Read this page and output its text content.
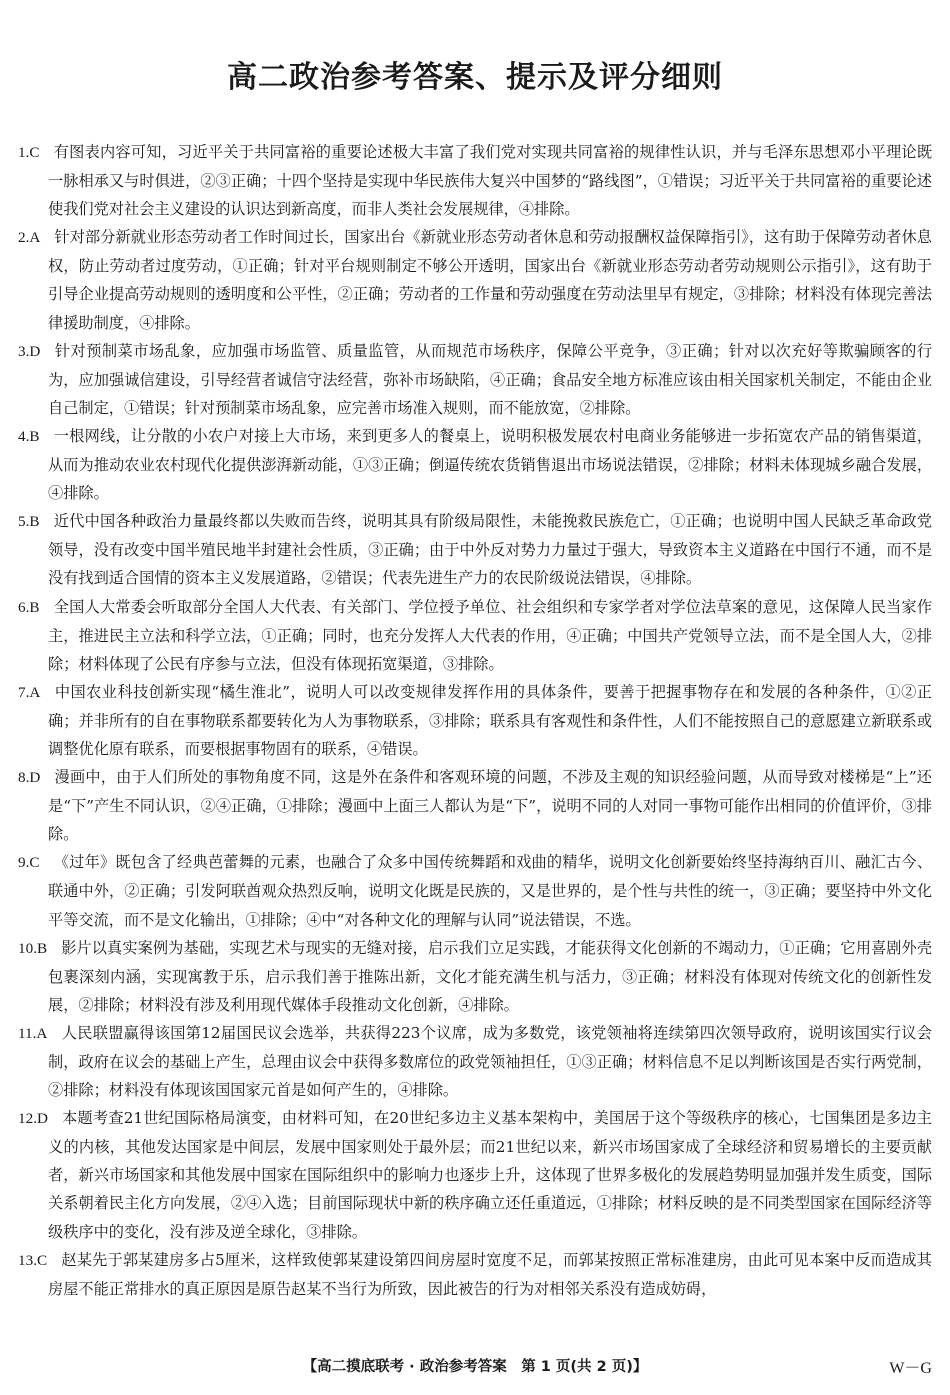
高二政治参考答案、提示及评分细则
1.C 有图表内容可知，习近平关于共同富裕的重要论述极大丰富了我们党对实现共同富裕的规律性认识，并与毛泽东思想邓小平理论既一脉相承又与时俱进，②③正确；十四个坚持是实现中华民族伟大复兴中国梦的“路线图”，①错误；习近平关于共同富裕的重要论述使我们党对社会主义建设的认识达到新高度，而非人类社会发展规律，④排除。
2.A 针对部分新就业形态劳动者工作时间过长，国家出台《新就业形态劳动者休息和劳动报酬权益保障指引》，这有助于保障劳动者休息权，防止劳动者过度劳动，①正确；针对平台规则制定不够公开透明，国家出台《新就业形态劳动者劳动规则公示指引》，这有助于引导企业提高劳动规则的透明度和公平性，②正确；劳动者的工作量和劳动强度在劳动法里早有规定，③排除；材料没有体现完善法律援助制度，④排除。
3.D 针对预制菜市场乱象，应加强市场监管、质量监管，从而规范市场秩序，保障公平竞争，③正确；针对以次充好等欺骗顾客的行为，应加强诚信建设，引导经营者诚信守法经营，弥补市场缺陷，④正确；食品安全地方标准应该由相关国家机关制定，不能由企业自己制定，①错误；针对预制菜市场乱象，应完善市场准入规则，而不能放宽，②排除。
4.B 一根网线，让分散的小农户对接上大市场，来到更多人的餐桌上，说明积极发展农村电商业务能够进一步拓宽农产品的销售渠道，从而为推动农业农村现代化提供澎湃新动能，①③正确；倒逼传统农货销售退出市场说法错误，②排除；材料未体现城乡融合发展，④排除。
5.B 近代中国各种政治力量最终都以失败而告终，说明其具有阶级局限性，未能挽救民族危亡，①正确；也说明中国人民缺乏革命政党领导，没有改变中国半殖民地半封建社会性质，③正确；由于中外反对势力力量过于强大，导致资本主义道路在中国行不通，而不是没有找到适合国情的资本主义发展道路，②错误；代表先进生产力的农民阶级说法错误，④排除。
6.B 全国人大常委会听取部分全国人大代表、有关部门、学位授予单位、社会组织和专家学者对学位法草案的意见，这保障人民当家作主，推进民主立法和科学立法，①正确；同时，也充分发挥人大代表的作用，④正确；中国共产党领导立法，而不是全国人大，②排除；材料体现了公民有序参与立法，但没有体现拓宽渠道，③排除。
7.A 中国农业科技创新实现“橘生淮北”，说明人可以改变规律发挥作用的具体条件，要善于把握事物存在和发展的各种条件，①②正确；并非所有的自在事物联系都要转化为人为事物联系，③排除；联系具有客观性和条件性，人们不能按照自己的意愿建立新联系或调整优化原有联系，而要根据事物固有的联系，④错误。
8.D 漫画中，由于人们所处的事物角度不同，这是外在条件和客观环境的问题，不涉及主观的知识经验问题，从而导致对楼梯是“上”还是“下”产生不同认识，②④正确，①排除；漫画中上面三人都认为是“下”，说明不同的人对同一事物可能作出相同的价值评价，③排除。
9.C 《过年》既包含了经典芭蕾舞的元素，也融合了众多中国传统舞蹈和戏曲的精华，说明文化创新要始终坚持海纳百川、融汇古今、联通中外，②正确；引发阿联酋观众热烈反响，说明文化既是民族的，又是世界的，是个性与共性的统一，③正确；要坚持中外文化平等交流，而不是文化输出，①排除；④中“对各种文化的理解与认同”说法错误，不选。
10.B 影片以真实案例为基础，实现艺术与现实的无缝对接，启示我们立足实践，才能获得文化创新的不竭动力，①正确；它用喜剧外壳包裹深刻内涵，实现寓教于乐，启示我们善于推陈出新，文化才能充满生机与活力，③正确；材料没有体现对传统文化的创新性发展，②排除；材料没有涉及利用现代媒体手段推动文化创新，④排除。
11.A 人民联盟赢得该国第12届国民议会选举，共获得223个议席，成为多数党，该党领袖将连续第四次领导政府，说明该国实行议会制，政府在议会的基础上产生，总理由议会中获得多数席位的政党领袖担任，①③正确；材料信息不足以判断该国是否实行两党制，②排除；材料没有体现该国国家元首是如何产生的，④排除。
12.D 本题考查21世纪国际格局演变，由材料可知，在20世纪多边主义基本架构中，美国居于这个等级秩序的核心，七国集团是多边主义的内核，其他发达国家是中间层，发展中国家则处于最外层；而21世纪以来，新兴市场国家成了全球经济和贸易增长的主要贡献者，新兴市场国家和其他发展中国家在国际组织中的影响力也逐步上升，这体现了世界多极化的发展趋势明显加强并发生质变，国际关系朝着民主化方向发展，②④入选；目前国际现状中新的秩序确立还任重道远，①排除；材料反映的是不同类型国家在国际经济等级秩序中的变化，没有涉及逆全球化，③排除。
13.C 赵某先于郭某建房多占5厘米，这样致使郭某建设第四间房屋时宽度不足，而郭某按照正常标准建房，由此可见本案中反而造成其房屋不能正常排水的真正原因是原告赵某不当行为所致，因此被告的行为对相邻关系没有造成妨碍，
【高二摸底联考 · 政治参考答案　第 1 页(共 2 页)】	W－G
